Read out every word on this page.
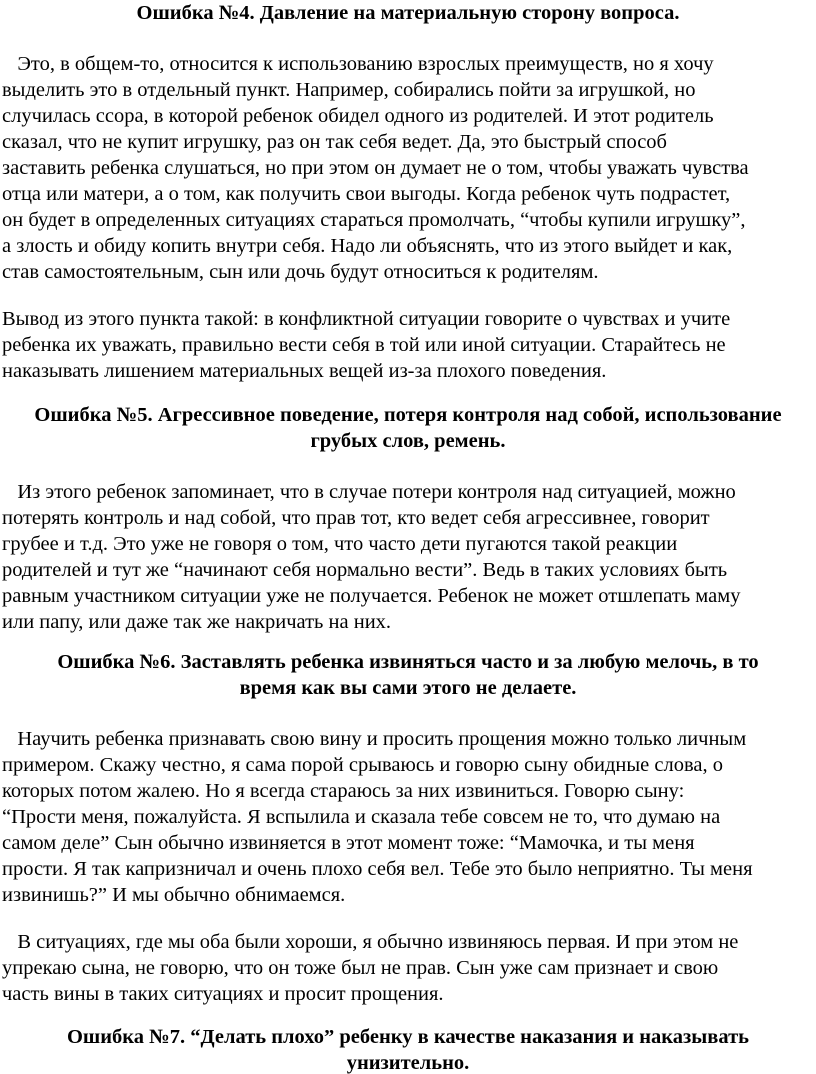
Ошибка №4. Давление на материальную сторону вопроса.

Это, в общем-то, относится к использованию взрослых преимуществ, но я хочу
выделить это в отдельный пункт. Например, собирались пойти за игрушкой, но
случилась ссора, в которой ребенок обидел одного из родителей. И этот родитель
сказал, что не купит игрушку, раз он так себя ведет. Да, это быстрый способ
заставить ребенка слушаться, но при этом он думает не о том, чтобы уважать чувства
отца или матери, а о том, как получить свои выгоды. Когда ребенок чуть подрастет,
он будет в определенных ситуациях стараться промолчать, “чтобы купили игрушку”,
а злость и обиду копить внутри себя. Надо ли объяснять, что из этого выйдет и как,
став самостоятельным, сын или дочь будут относиться к родителям.

Вывод из этого пункта такой: в конфликтной ситуации говорите о чувствах и учите
ребенка их уважать, правильно вести себя в той или иной ситуации. Старайтесь не
наказывать лишением материальных вещей из-за плохого поведения.

Ошибка №5. Агрессивное поведение, потеря контроля над собой, использование
грубых слов, ремень.

Из этого ребенок запоминает, что в случае потери контроля над ситуацией, можно
потерять контроль и над собой, что прав тот, кто ведет себя агрессивнее, говорит
грубее и т.д. Это уже не говоря о том, что часто дети пугаются такой реакции
родителей и тут же “начинают себя нормально вести”. Ведь в таких условиях быть
равным участником ситуации уже не получается. Ребенок не может отшлепать маму
или папу, или даже так же накричать на них.

Ошибка №6. Заставлять ребенка извиняться часто и за любую мелочь, в то
время как вы сами этого не делаете.

Научить ребенка признавать свою вину и просить прощения можно только личным
примером. Скажу честно, я сама порой срываюсь и говорю сыну обидные слова, о
которых потом жалею. Но я всегда стараюсь за них извиниться. Говорю сыну:
“Прости меня, пожалуйста. Я вспылила и сказала тебе совсем не то, что думаю на
самом деле” Сын обычно извиняется в этот момент тоже: “Мамочка, и ты меня
прости. Я так капризничал и очень плохо себя вел. Тебе это было неприятно. Ты меня
извинишь?” И мы обычно обнимаемся.

В ситуациях, где мы оба были хороши, я обычно извиняюсь первая. И при этом не
упрекаю сына, не говорю, что он тоже был не прав. Сын уже сам признает и свою
часть вины в таких ситуациях и просит прощения.

Ошибка №7. “Делать плохо” ребенку в качестве наказания и наказывать
унизительно.
